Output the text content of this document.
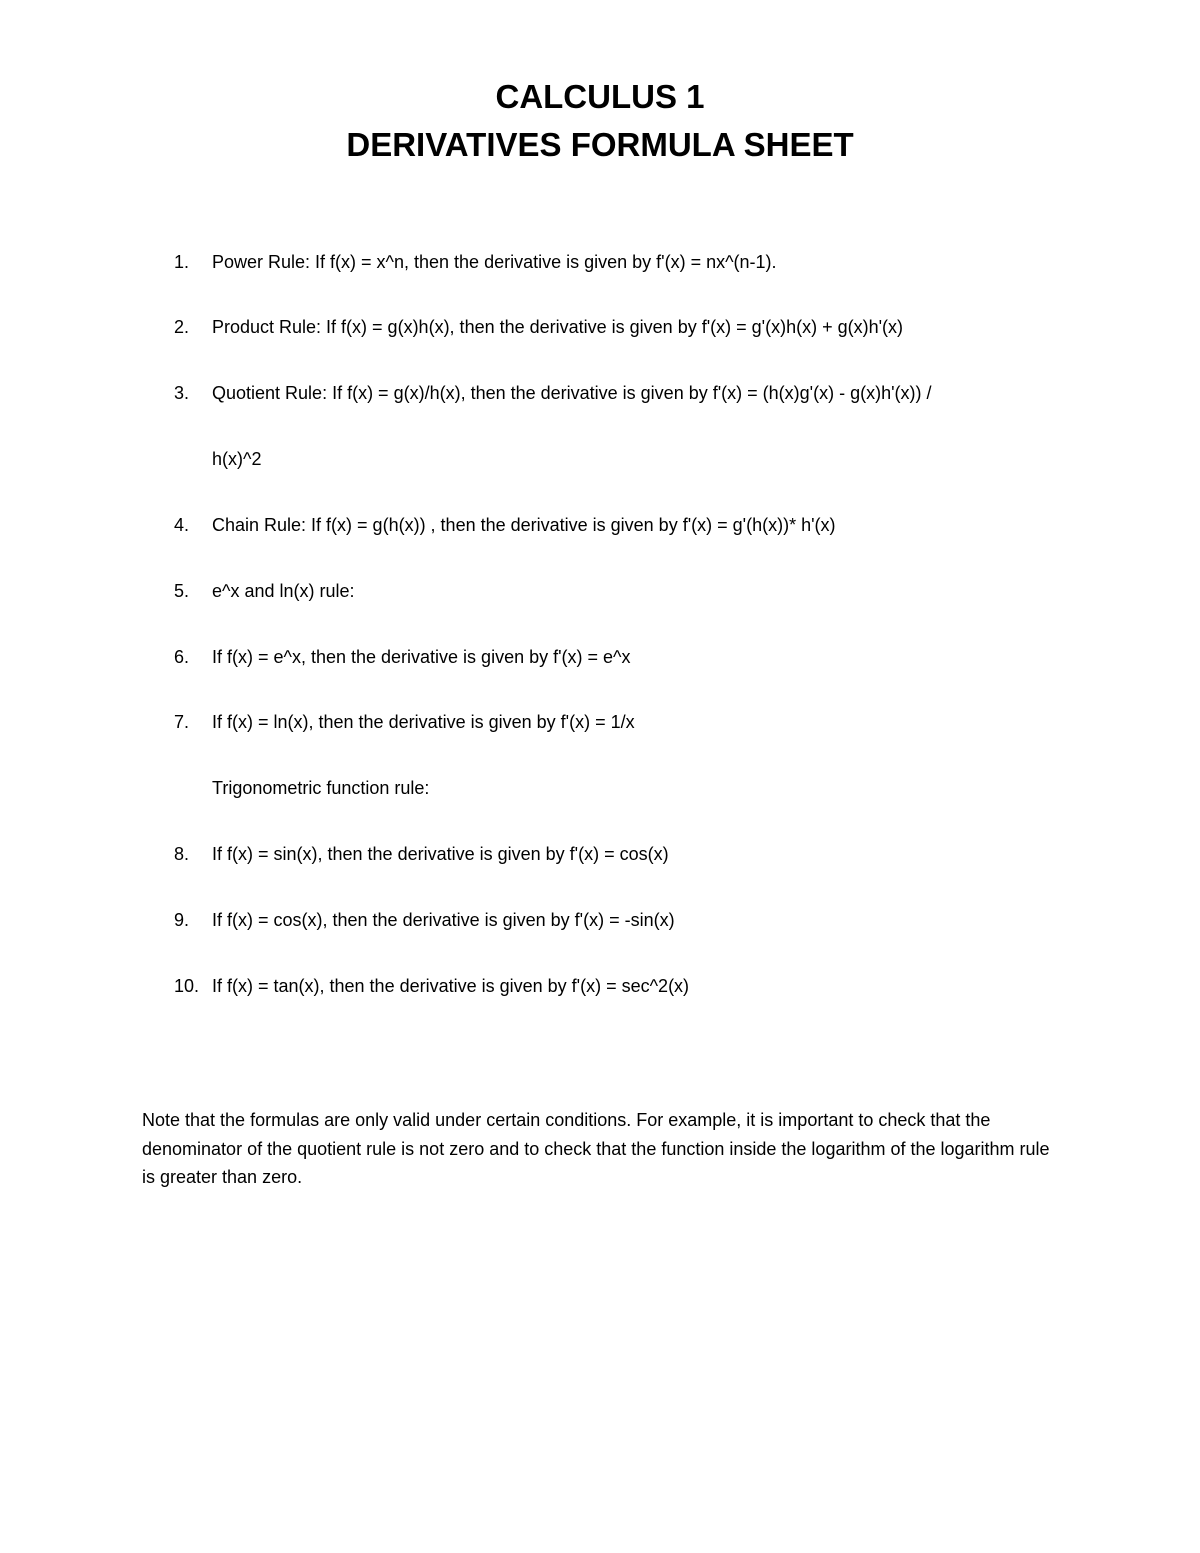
CALCULUS 1
DERIVATIVES FORMULA SHEET
1.	Power Rule: If f(x) = x^n, then the derivative is given by f'(x) = nx^(n-1).
2.	Product Rule: If f(x) = g(x)h(x), then the derivative is given by f'(x) = g'(x)h(x) + g(x)h'(x)
3.	Quotient Rule: If f(x) = g(x)/h(x), then the derivative is given by f'(x) = (h(x)g'(x) - g(x)h'(x)) /
h(x)^2
4.	Chain Rule: If f(x) = g(h(x)) , then the derivative is given by f'(x) = g'(h(x))* h'(x)
5.	e^x and ln(x) rule:
6.	If f(x) = e^x, then the derivative is given by f'(x) = e^x
7.	If f(x) = ln(x), then the derivative is given by f'(x) = 1/x
Trigonometric function rule:
8.	If f(x) = sin(x), then the derivative is given by f'(x) = cos(x)
9.	If f(x) = cos(x), then the derivative is given by f'(x) = -sin(x)
10. If f(x) = tan(x), then the derivative is given by f'(x) = sec^2(x)
Note that the formulas are only valid under certain conditions. For example, it is important to check that the denominator of the quotient rule is not zero and to check that the function inside the logarithm of the logarithm rule is greater than zero.
